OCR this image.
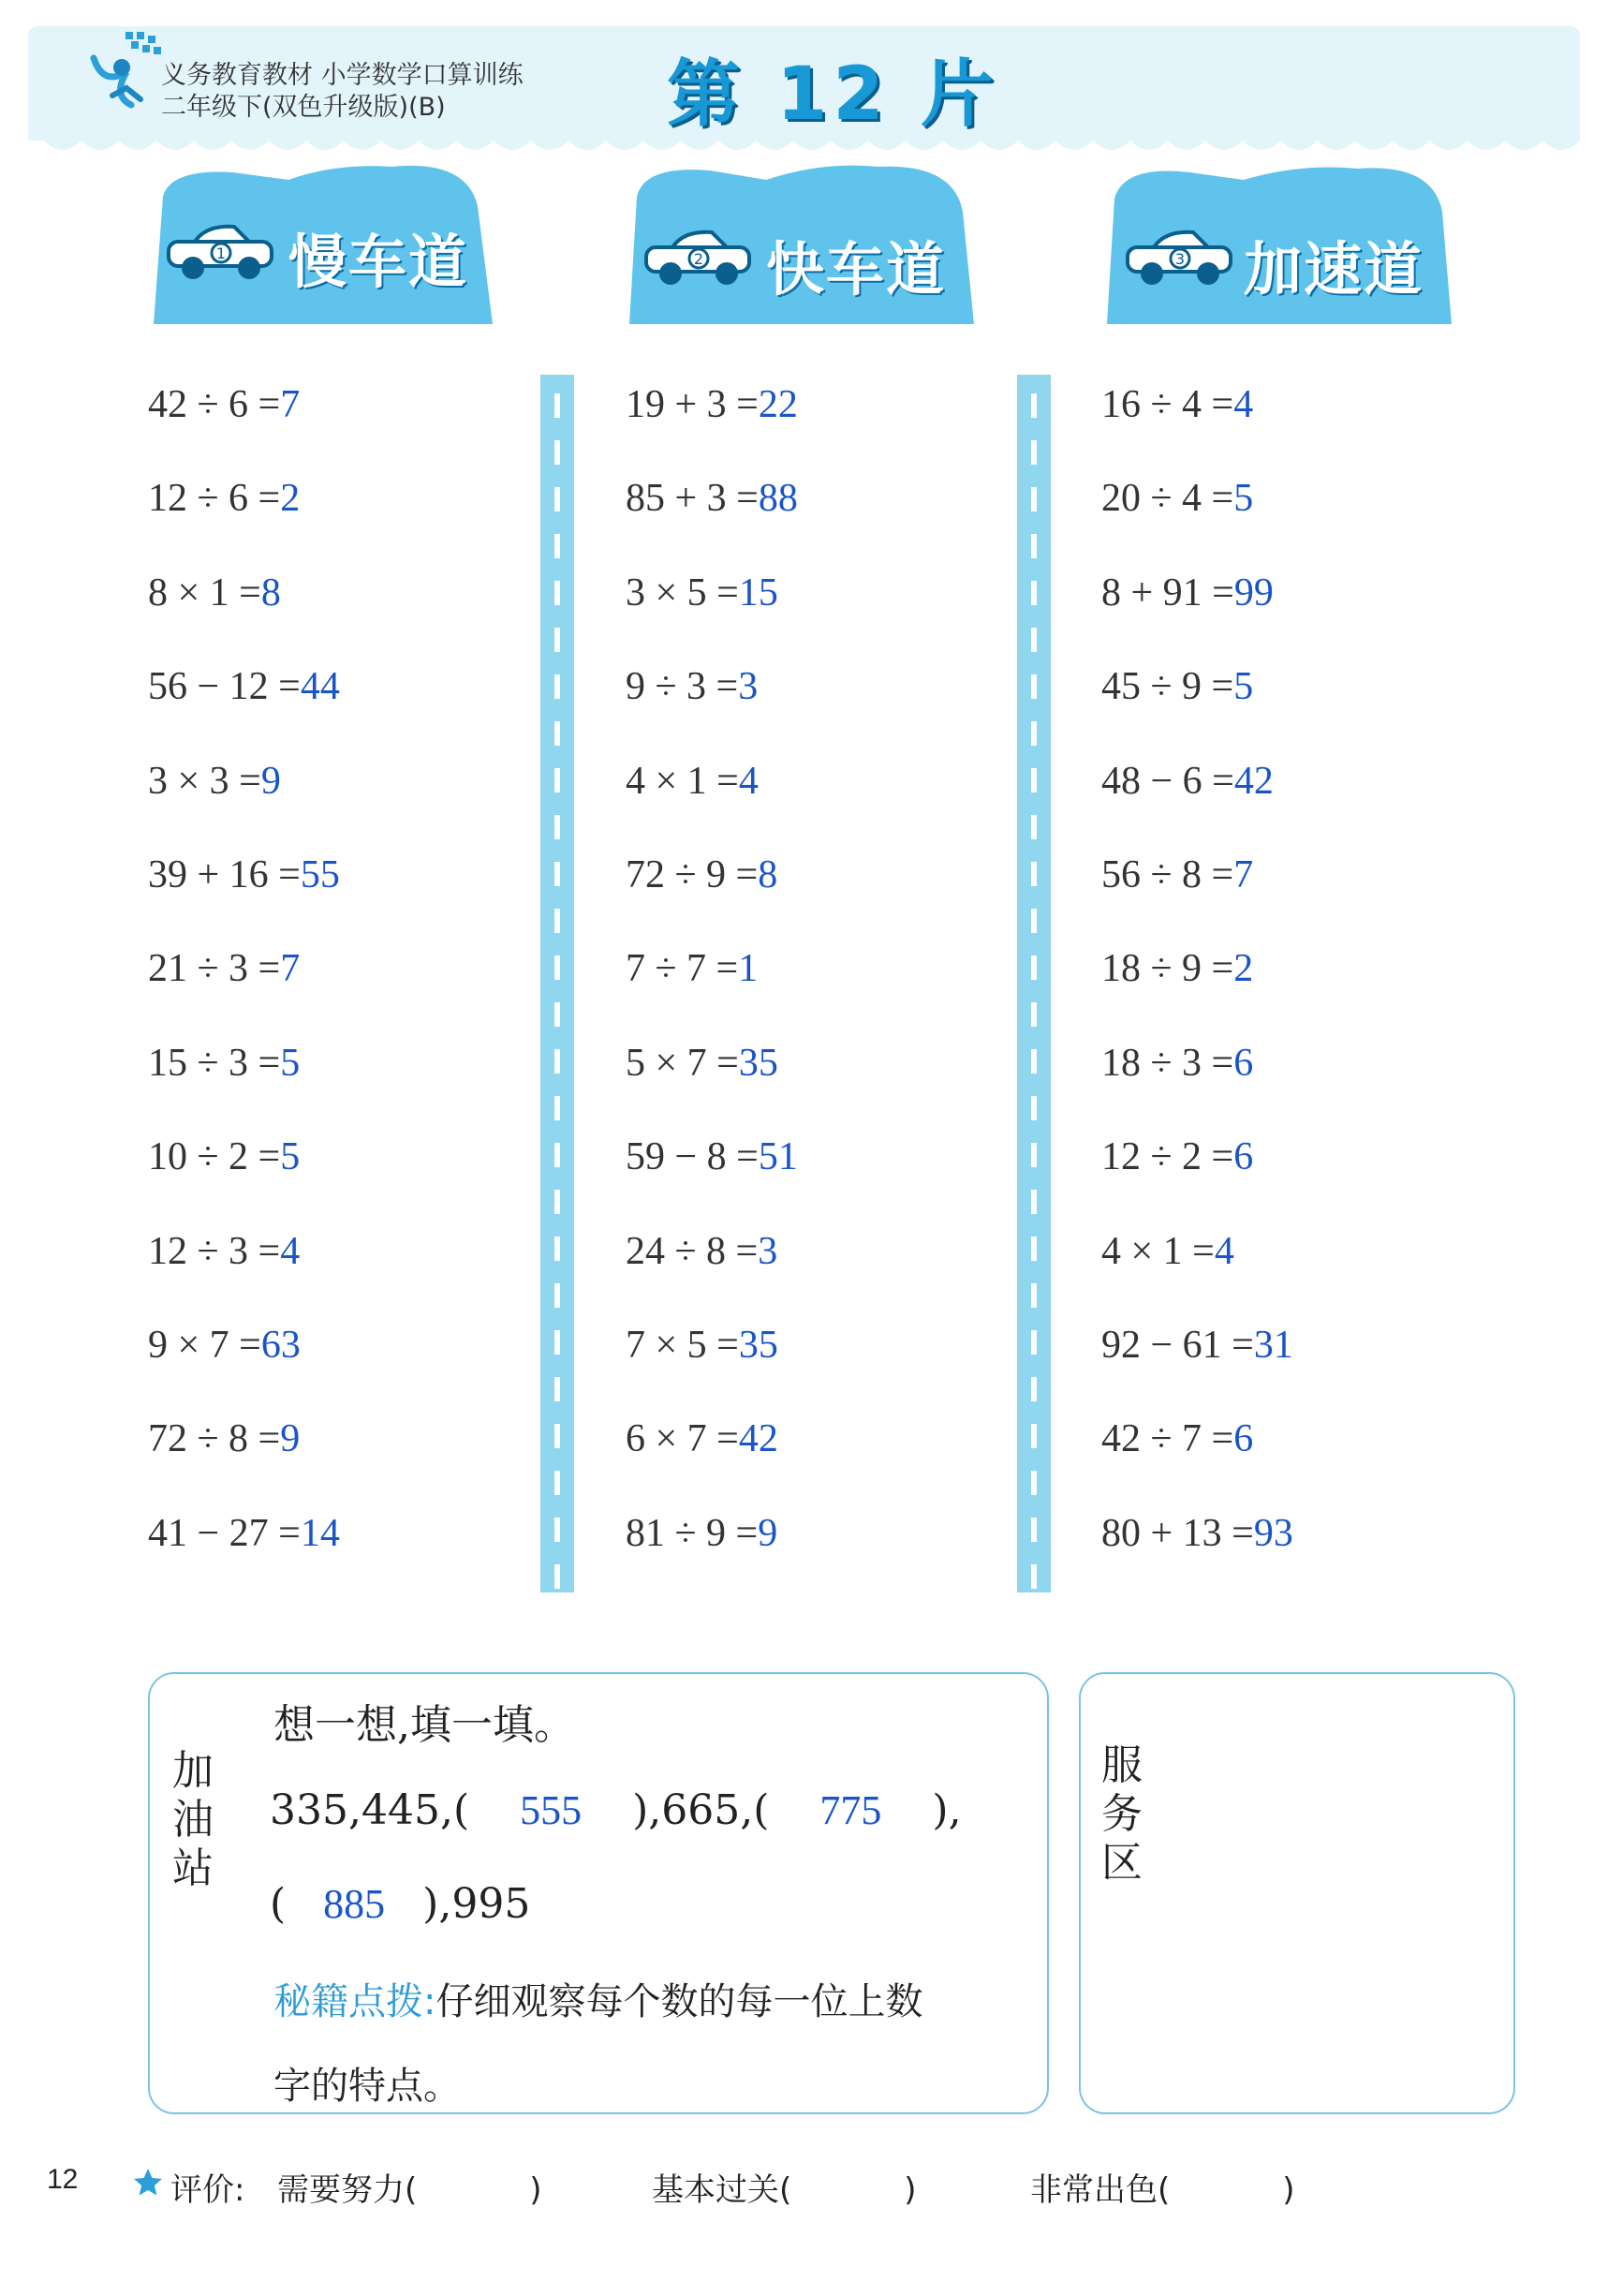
义务教育教材 小学数学口算训练
二年级下(双色升级版)(B)	第 12 片
1 慢车道	2 快车道	3 加速道
42 ÷ 6 =7
12 ÷ 6 =2
8 × 1 =8
56 − 12 =44
3 × 3 =9
39 + 16 =55
21 ÷ 3 =7
15 ÷ 3 =5
10 ÷ 2 =5
12 ÷ 3 =4
9 × 7 =63
72 ÷ 8 =9
41 − 27 =14
19 + 3 =22
85 + 3 =88
3 × 5 =15
9 ÷ 3 =3
4 × 1 =4
72 ÷ 9 =8
7 ÷ 7 =1
5 × 7 =35
59 − 8 =51
24 ÷ 8 =3
7 × 5 =35
6 × 7 =42
81 ÷ 9 =9
16 ÷ 4 =4
20 ÷ 4 =5
8 + 91 =99
45 ÷ 9 =5
48 − 6 =42
56 ÷ 8 =7
18 ÷ 9 =2
18 ÷ 3 =6
12 ÷ 2 =6
4 × 1 =4
92 − 61 =31
42 ÷ 7 =6
80 + 13 =93
加
油
站
想一想,填一填。
335,445,( 555 ),665,( 775 ),
( 885 ),995
秘籍点拨:仔细观察每个数的每一位上数
字的特点。
服
务
区
12	评价: 需要努力(	)	基本过关(	)	非常出色(	)
